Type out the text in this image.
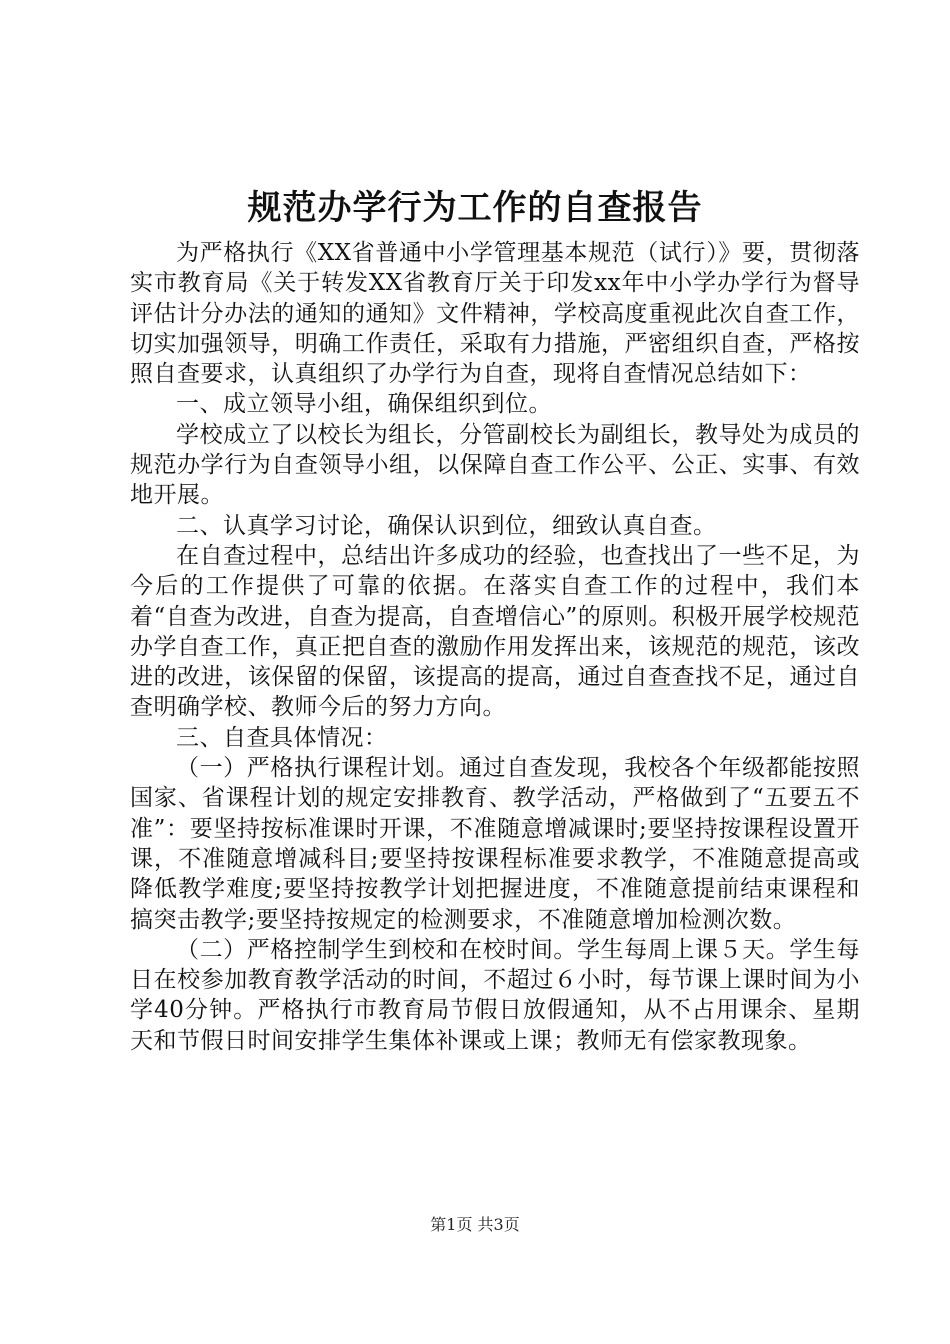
规范办学行为工作的自查报告

为严格执行《XX省普通中小学管理基本规范（试行）》要，贯彻落实市教育局《关于转发XX省教育厅关于印发xx年中小学办学行为督导评估计分办法的通知的通知》文件精神，学校高度重视此次自查工作，切实加强领导，明确工作责任，采取有力措施，严密组织自查，严格按照自查要求，认真组织了办学行为自查，现将自查情况总结如下：

一、成立领导小组，确保组织到位。

学校成立了以校长为组长，分管副校长为副组长，教导处为成员的规范办学行为自查领导小组，以保障自查工作公平、公正、实事、有效地开展。

二、认真学习讨论，确保认识到位，细致认真自查。

在自查过程中，总结出许多成功的经验，也查找出了一些不足，为今后的工作提供了可靠的依据。在落实自查工作的过程中，我们本着“自查为改进，自查为提高，自查增信心”的原则。积极开展学校规范办学自查工作，真正把自查的激励作用发挥出来，该规范的规范，该改进的改进，该保留的保留，该提高的提高，通过自查查找不足，通过自查明确学校、教师今后的努力方向。

三、自查具体情况：

（一）严格执行课程计划。通过自查发现，我校各个年级都能按照国家、省课程计划的规定安排教育、教学活动，严格做到了“五要五不准”：要坚持按标准课时开课，不准随意增减课时;要坚持按课程设置开课，不准随意增减科目;要坚持按课程标准要求教学，不准随意提高或降低教学难度;要坚持按教学计划把握进度，不准随意提前结束课程和搞突击教学;要坚持按规定的检测要求，不准随意增加检测次数。

（二）严格控制学生到校和在校时间。学生每周上课５天。学生每日在校参加教育教学活动的时间，不超过６小时，每节课上课时间为小学40分钟。严格执行市教育局节假日放假通知，从不占用课余、星期天和节假日时间安排学生集体补课或上课；教师无有偿家教现象。

第1页 共3页
